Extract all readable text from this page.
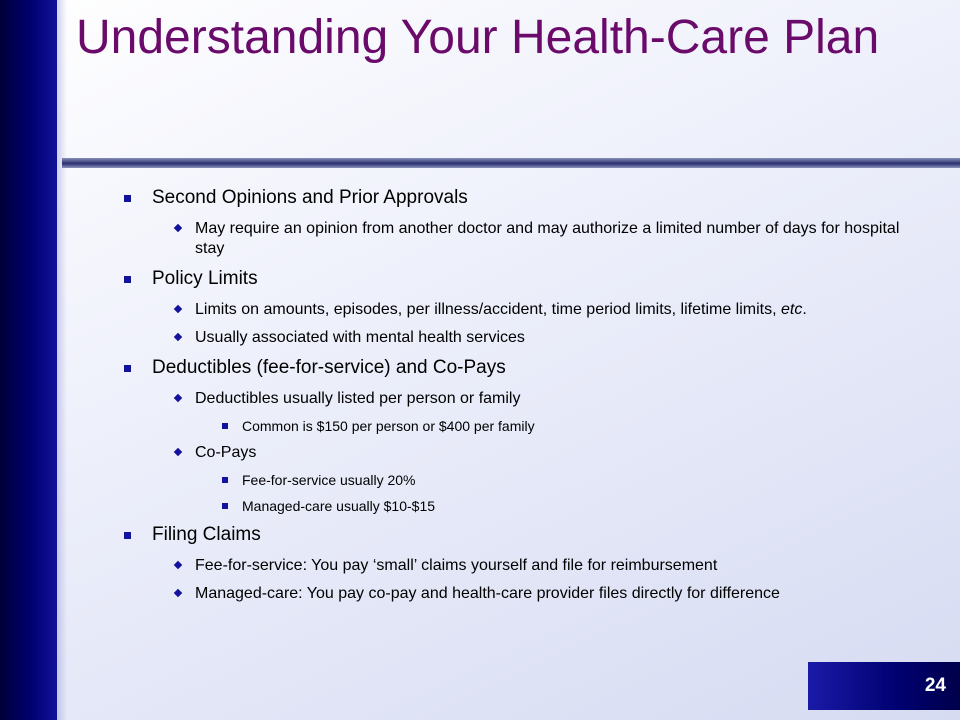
Understanding Your Health-Care Plan
Second Opinions and Prior Approvals
May require an opinion from another doctor and may authorize a limited number of days for hospital stay
Policy Limits
Limits on amounts, episodes, per illness/accident, time period limits, lifetime limits, etc.
Usually associated with mental health services
Deductibles (fee-for-service) and Co-Pays
Deductibles usually listed per person or family
Common is $150 per person or $400 per family
Co-Pays
Fee-for-service usually 20%
Managed-care usually $10-$15
Filing Claims
Fee-for-service: You pay ‘small’ claims yourself and file for reimbursement
Managed-care: You pay co-pay and health-care provider files directly for difference
24
